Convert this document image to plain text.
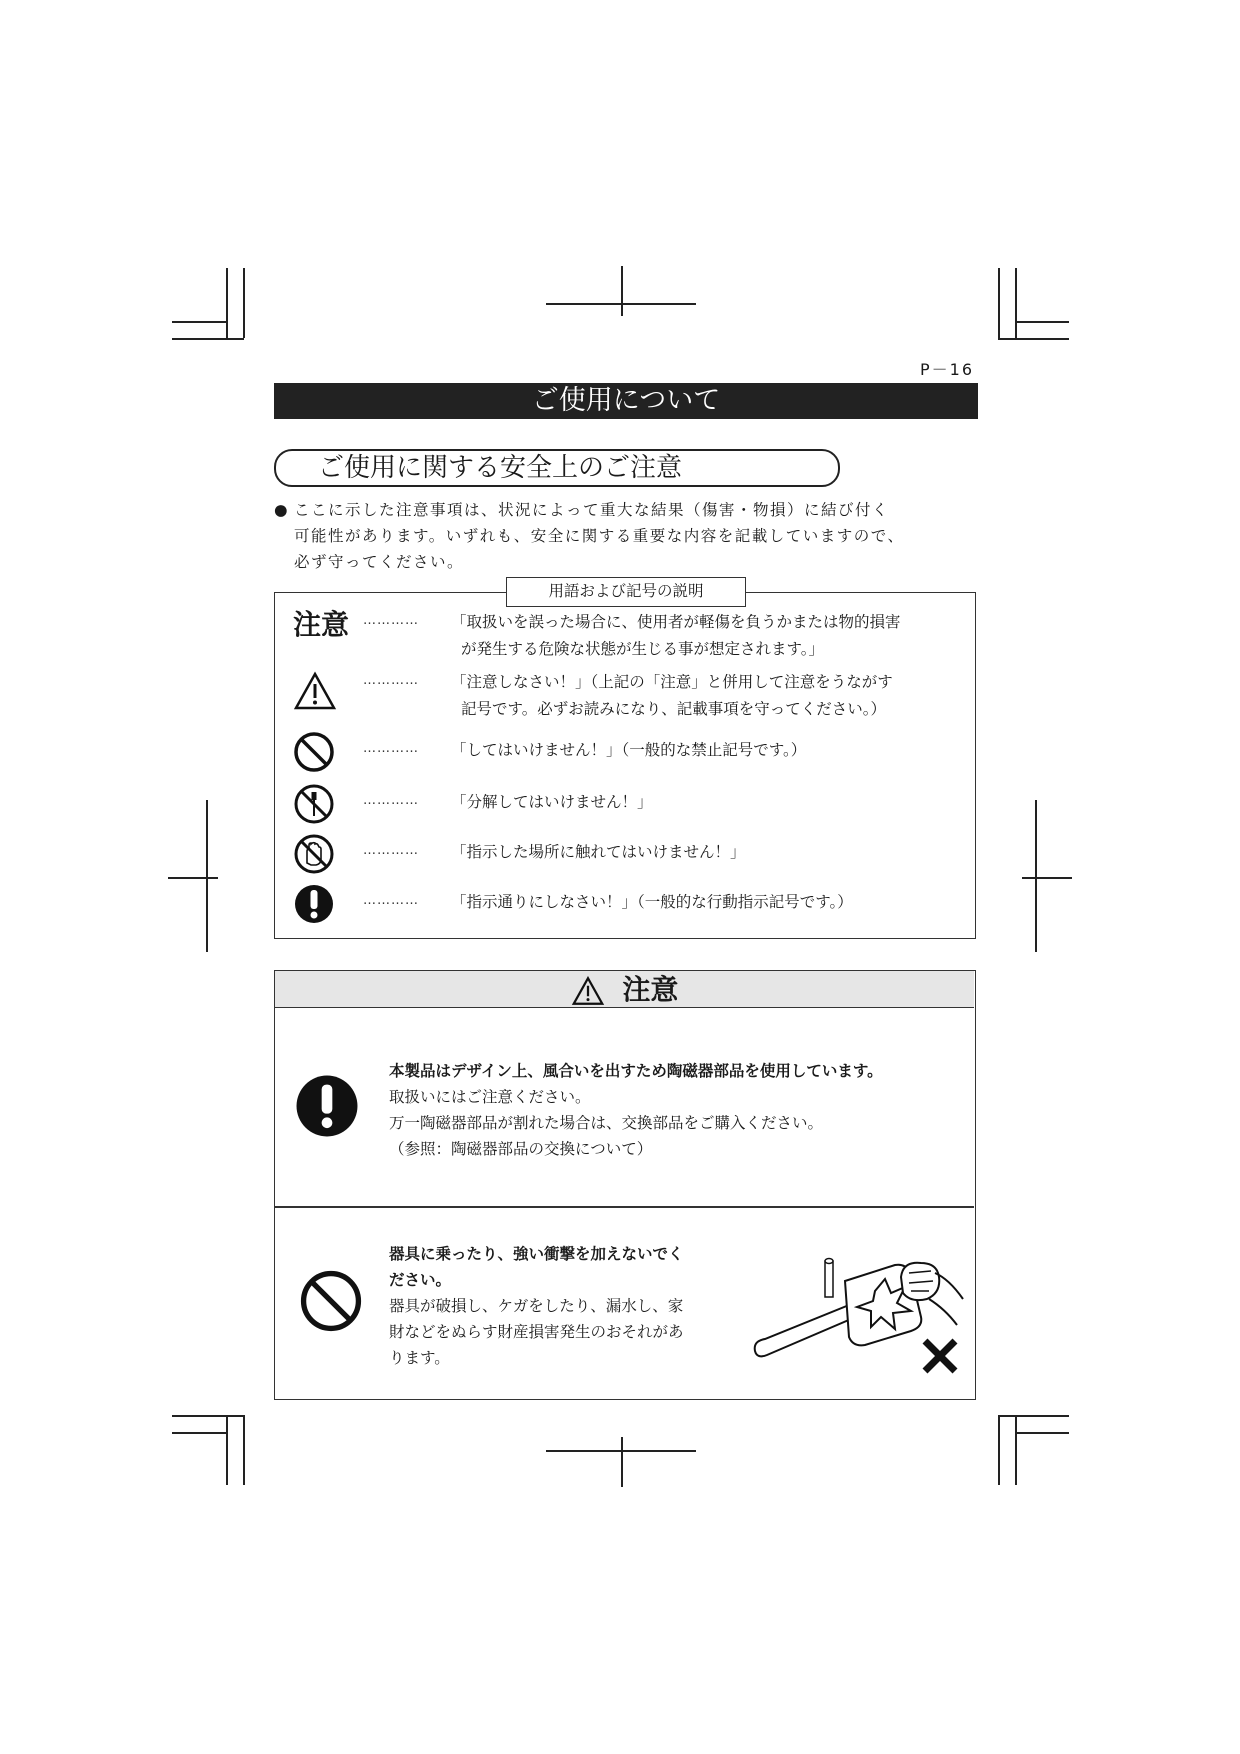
P－16
ご使用について
ご使用に関する安全上のご注意
● ここに示した注意事項は、状況によって重大な結果（傷害・物損）に結び付く

可能性があります。いずれも、安全に関する重要な内容を記載していますので、

必ず守ってください。

注意 ………… 「取扱いを誤った場合に、使用者が軽傷を負うかまたは物的損害
が発生する危険な状態が生じる事が想定されます。」
………… 「注意しなさい！」（上記の「注意」と併用して注意をうながす
記号です。必ずお読みになり、記載事項を守ってください。）
………… 「してはいけません！」（一般的な禁止記号です。）
………… 「分解してはいけません！」
………… 「指示した場所に触れてはいけません！」
………… 「指示通りにしなさい！」（一般的な行動指示記号です。）
用語および記号の説明
注意
本製品はデザイン上、風合いを出すため陶磁器部品を使用しています。
取扱いにはご注意ください。
万一陶磁器部品が割れた場合は、交換部品をご購入ください。
（参照：陶磁器部品の交換について）
器具に乗ったり、強い衝撃を加えないでく
ださい。
器具が破損し、ケガをしたり、漏水し、家
財などをぬらす財産損害発生のおそれがあ
ります。
